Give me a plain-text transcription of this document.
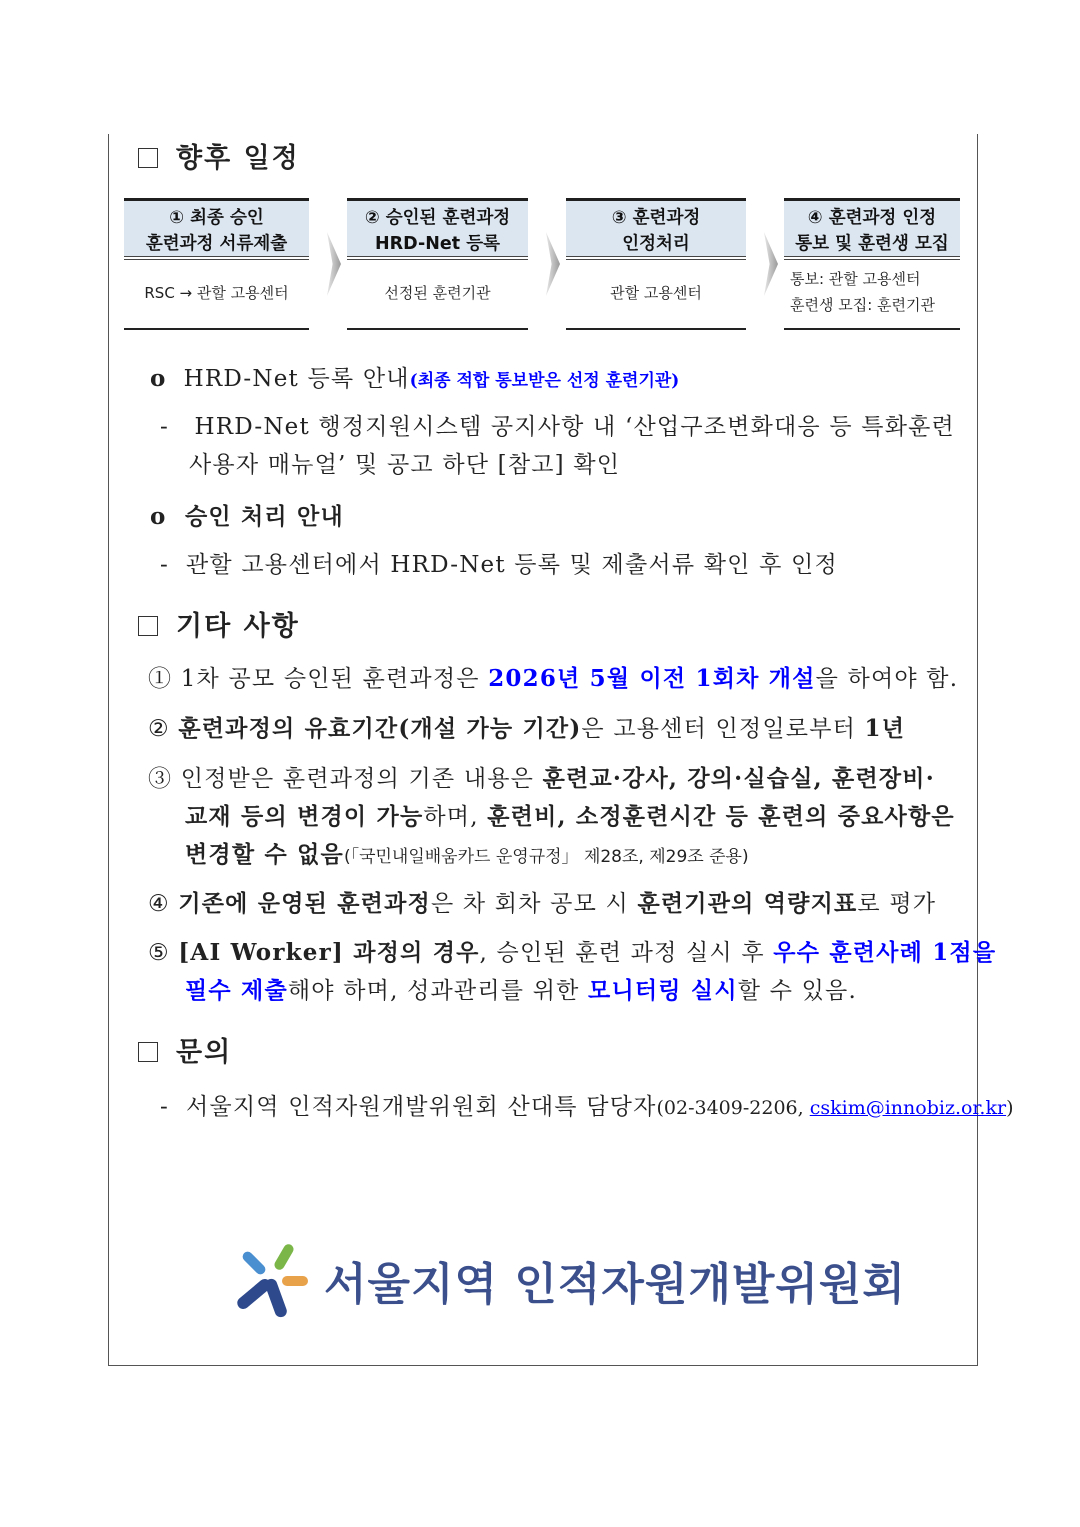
향후 일정
① 최종 승인
훈련과정 서류제출
RSC → 관할 고용센터
② 승인된 훈련과정
HRD-Net 등록
선정된 훈련기관
③ 훈련과정
인정처리
관할 고용센터
④ 훈련과정 인정
통보 및 훈련생 모집
통보: 관할 고용센터
훈련생 모집: 훈련기관
o HRD-Net 등록 안내(최종 적합 통보받은 선정 훈련기관)
- HRD-Net 행정지원시스템 공지사항 내 ‘산업구조변화대응 등 특화훈련
사용자 매뉴얼’ 및 공고 하단 [참고] 확인
o 승인 처리 안내
- 관할 고용센터에서 HRD-Net 등록 및 제출서류 확인 후 인정
기타 사항
① 1차 공모 승인된 훈련과정은 2026년 5월 이전 1회차 개설을 하여야 함.
② 훈련과정의 유효기간(개설 가능 기간)은 고용센터 인정일로부터 1년
③ 인정받은 훈련과정의 기존 내용은 훈련교·강사, 강의·실습실, 훈련장비·
교재 등의 변경이 가능하며, 훈련비, 소정훈련시간 등 훈련의 중요사항은
변경할 수 없음(「국민내일배움카드 운영규정」 제28조, 제29조 준용)
④ 기존에 운영된 훈련과정은 차 회차 공모 시 훈련기관의 역량지표로 평가
⑤ [AI Worker] 과정의 경우, 승인된 훈련 과정 실시 후 우수 훈련사례 1점을
필수 제출해야 하며, 성과관리를 위한 모니터링 실시할 수 있음.
문의
- 서울지역 인적자원개발위원회 산대특 담당자(02-3409-2206, cskim@innobiz.or.kr)
서울지역 인적자원개발위원회
